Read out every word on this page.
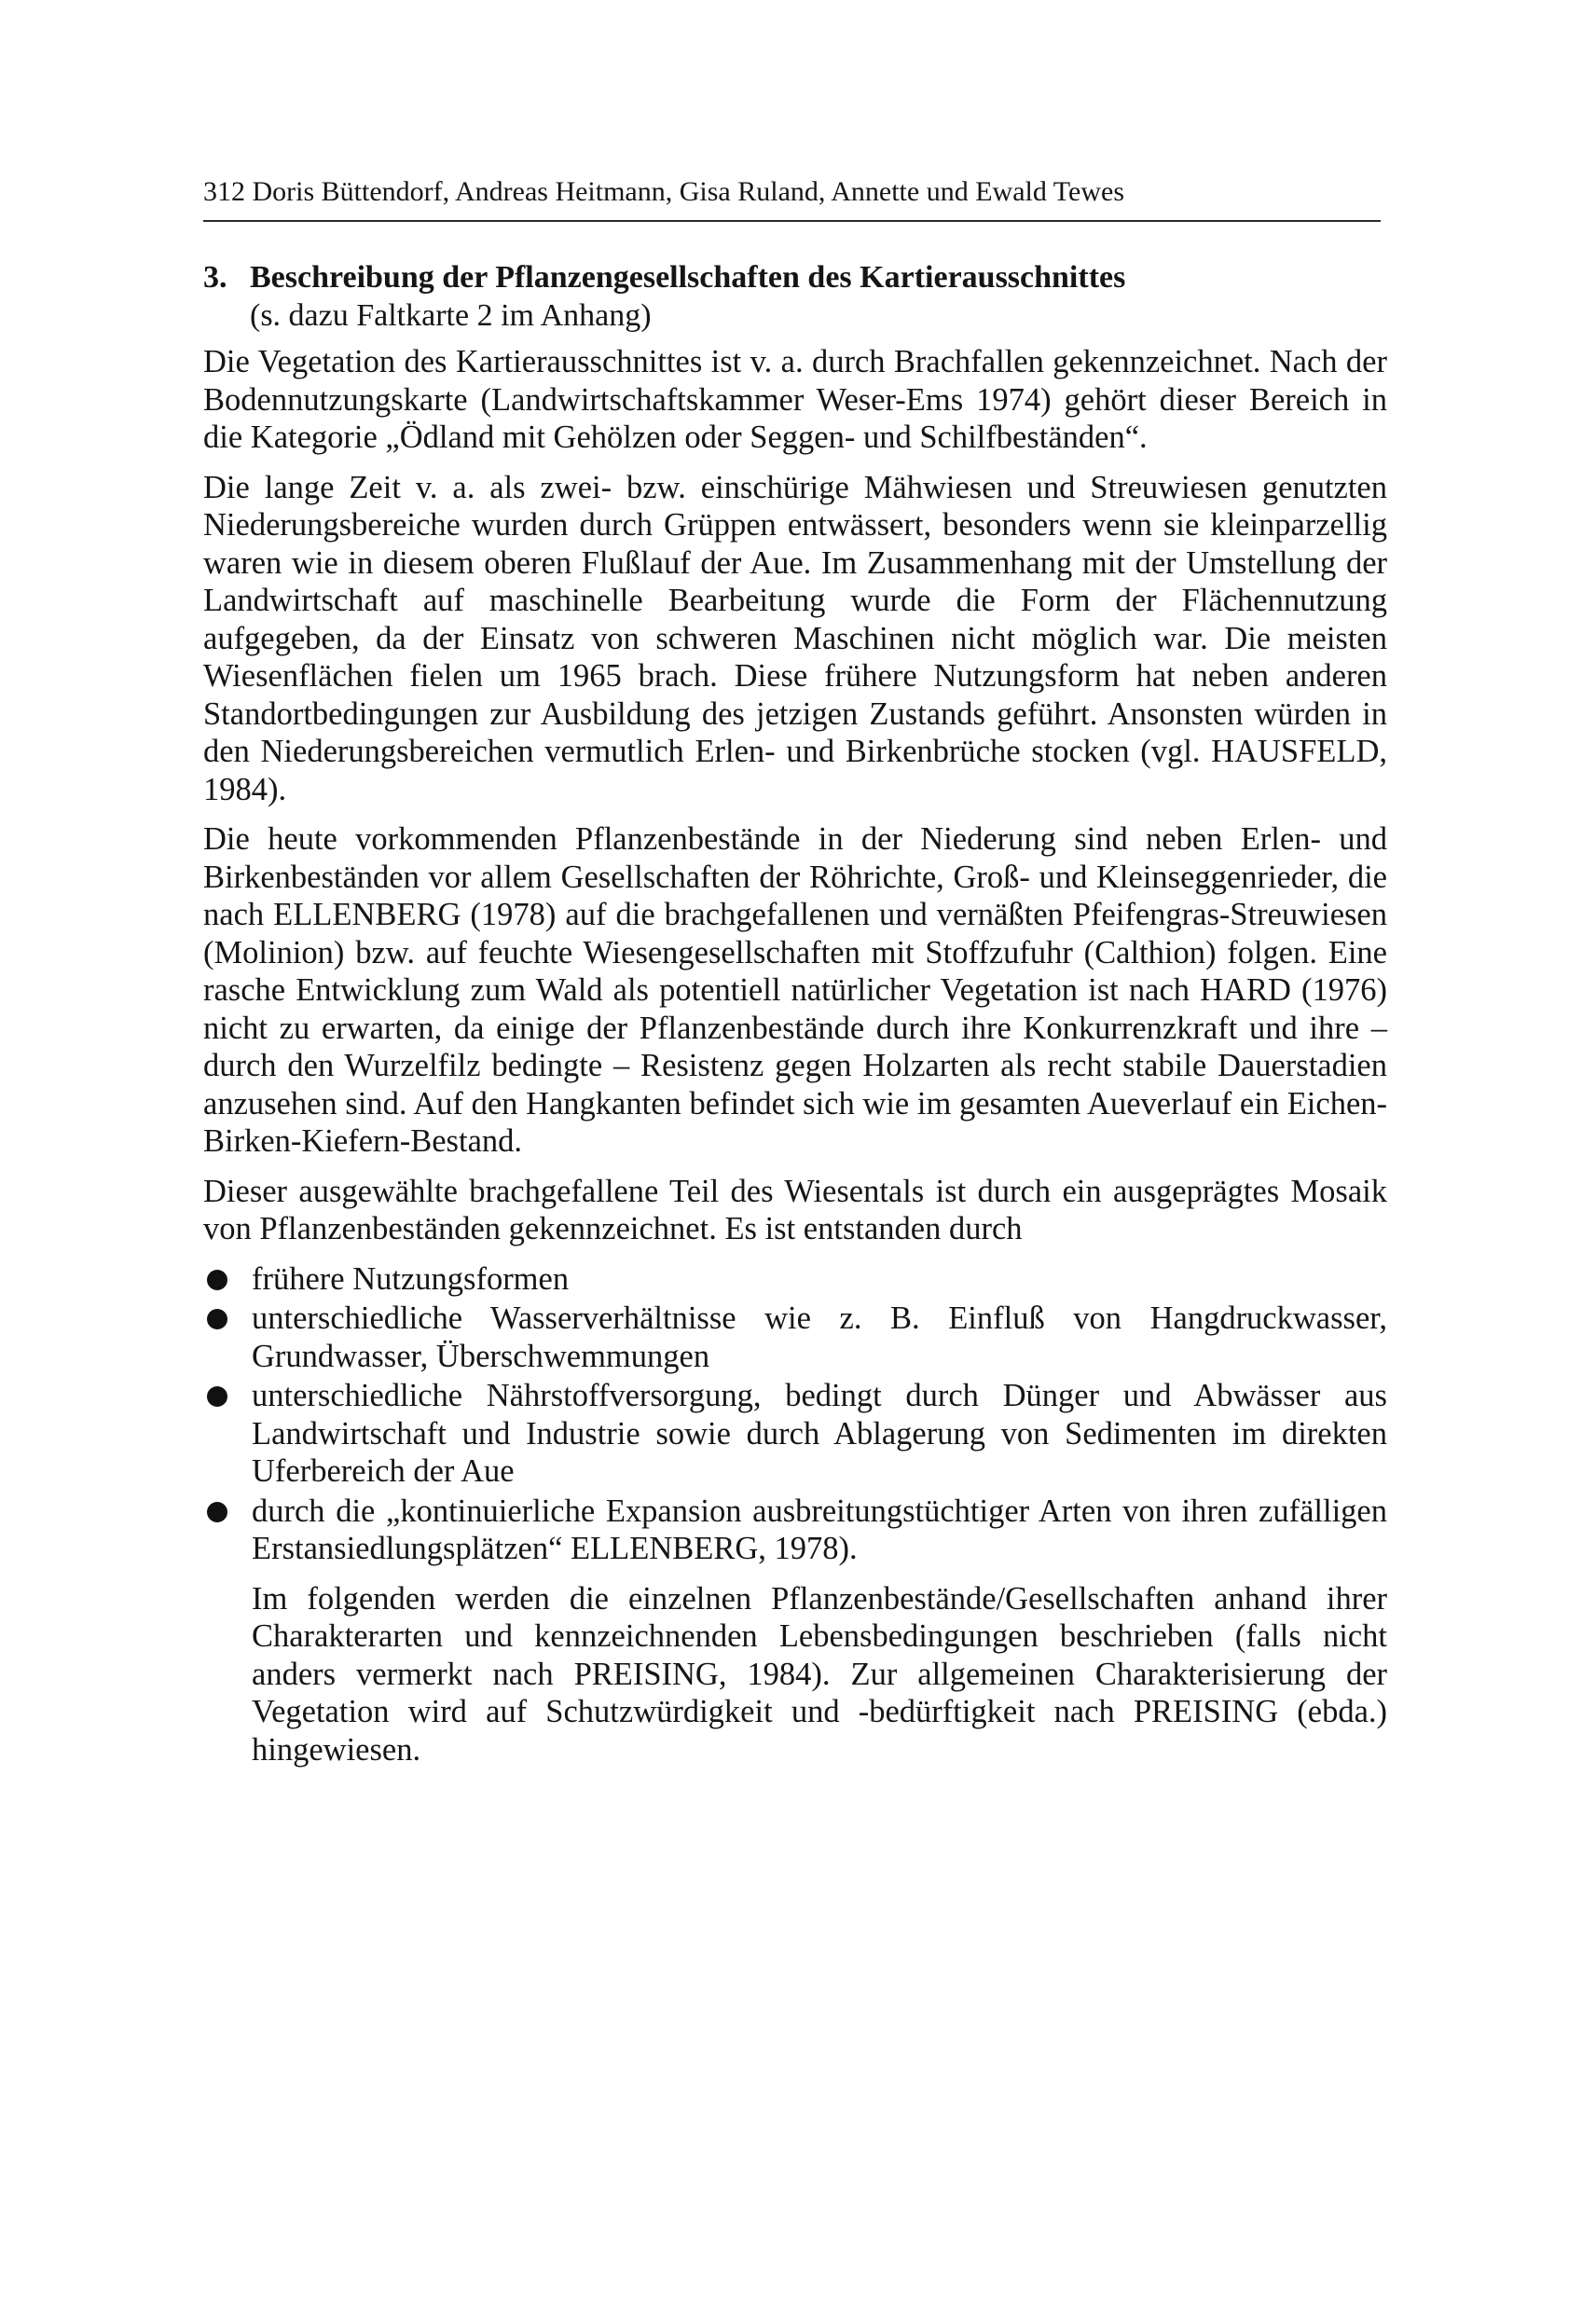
312 Doris Büttendorf, Andreas Heitmann, Gisa Ruland, Annette und Ewald Tewes
3. Beschreibung der Pflanzengesellschaften des Kartierausschnittes
(s. dazu Faltkarte 2 im Anhang)

Die Vegetation des Kartierausschnittes ist v. a. durch Brachfallen gekennzeichnet. Nach der Bodennutzungskarte (Landwirtschaftskammer Weser-Ems 1974) gehört dieser Bereich in die Kategorie „Ödland mit Gehölzen oder Seggen- und Schilfbeständen“.

Die lange Zeit v. a. als zwei- bzw. einschürige Mähwiesen und Streuwiesen genutzten Niederungsbereiche wurden durch Grüppen entwässert, besonders wenn sie kleinparzellig waren wie in diesem oberen Flußlauf der Aue. Im Zusammenhang mit der Umstellung der Landwirtschaft auf maschinelle Bearbeitung wurde die Form der Flächennutzung aufgegeben, da der Einsatz von schweren Maschinen nicht möglich war. Die meisten Wiesenflächen fielen um 1965 brach. Diese frühere Nutzungsform hat neben anderen Standortbedingungen zur Ausbildung des jetzigen Zustands geführt. Ansonsten würden in den Niederungsbereichen vermutlich Erlen- und Birkenbrüche stocken (vgl. HAUSFELD, 1984).

Die heute vorkommenden Pflanzenbestände in der Niederung sind neben Erlen- und Birkenbeständen vor allem Gesellschaften der Röhrichte, Groß- und Kleinseggenrieder, die nach ELLENBERG (1978) auf die brachgefallenen und vernäßten Pfeifengras-Streuwiesen (Molinion) bzw. auf feuchte Wiesengesellschaften mit Stoffzufuhr (Calthion) folgen. Eine rasche Entwicklung zum Wald als potentiell natürlicher Vegetation ist nach HARD (1976) nicht zu erwarten, da einige der Pflanzenbestände durch ihre Konkurrenzkraft und ihre – durch den Wurzelfilz bedingte – Resistenz gegen Holzarten als recht stabile Dauerstadien anzusehen sind. Auf den Hangkanten befindet sich wie im gesamten Aueverlauf ein Eichen-Birken-Kiefern-Bestand.

Dieser ausgewählte brachgefallene Teil des Wiesentals ist durch ein ausgeprägtes Mosaik von Pflanzenbeständen gekennzeichnet. Es ist entstanden durch

frühere Nutzungsformen
unterschiedliche Wasserverhältnisse wie z. B. Einfluß von Hangdruckwasser, Grundwasser, Überschwemmungen
unterschiedliche Nährstoffversorgung, bedingt durch Dünger und Abwässer aus Landwirtschaft und Industrie sowie durch Ablagerung von Sedimenten im direkten Uferbereich der Aue
durch die „kontinuierliche Expansion ausbreitungstüchtiger Arten von ihren zufälligen Erstansiedlungsplätzen“ ELLENBERG, 1978).

Im folgenden werden die einzelnen Pflanzenbestände/Gesellschaften anhand ihrer Charakterarten und kennzeichnenden Lebensbedingungen beschrieben (falls nicht anders vermerkt nach PREISING, 1984). Zur allgemeinen Charakterisierung der Vegetation wird auf Schutzwürdigkeit und -bedürftigkeit nach PREISING (ebda.) hingewiesen.
